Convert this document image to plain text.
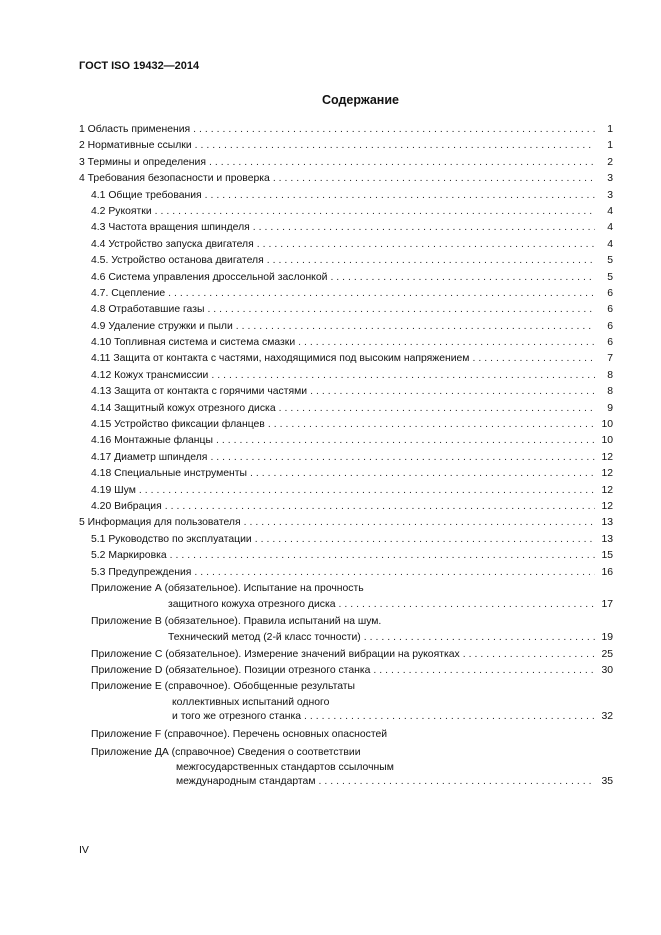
ГОСТ ISO 19432—2014
Содержание
1 Область применения . . .	1
2 Нормативные ссылки . . .	1
3 Термины и определения . . .	2
4 Требования безопасности и проверка . . .	3
4.1 Общие требования . . .	3
4.2 Рукоятки . . .	4
4.3 Частота вращения шпинделя . . .	4
4.4 Устройство запуска двигателя . . .	4
4.5. Устройство останова двигателя . . .	5
4.6 Система управления дроссельной заслонкой . . .	5
4.7. Сцепление . . .	6
4.8 Отработавшие газы . . .	6
4.9 Удаление стружки и пыли . . .	6
4.10 Топливная система и система смазки . . .	6
4.11 Защита от контакта с частями, находящимися под высоким напряжением . . .	7
4.12 Кожух трансмиссии . . .	8
4.13 Защита от контакта с горячими частями . . .	8
4.14 Защитный кожух отрезного диска . . .	9
4.15 Устройство фиксации фланцев . . .	10
4.16 Монтажные фланцы . . .	10
4.17 Диаметр шпинделя . . .	12
4.18 Специальные инструменты . . .	12
4.19 Шум . . .	12
4.20 Вибрация . . .	12
5 Информация для пользователя . . .	13
5.1 Руководство по эксплуатации . . .	13
5.2 Маркировка . . .	15
5.3 Предупреждения . . .	16
Приложение А (обязательное). Испытание на прочность
защитного кожуха отрезного диска . . .	17
Приложение В (обязательное). Правила испытаний на шум.
Технический метод (2-й класс точности) . . .	19
Приложение С (обязательное). Измерение значений вибрации на рукоятках . . .	25
Приложение D (обязательное). Позиции отрезного станка . . .	30
Приложение Е (справочное). Обобщенные результаты
коллективных испытаний одного
и того же отрезного станка . . .	32
Приложение F (справочное). Перечень основных опасностей
Приложение ДА (справочное) Сведения о соответствии
межгосударственных стандартов ссылочным
международным стандартам . . .	35
IV
